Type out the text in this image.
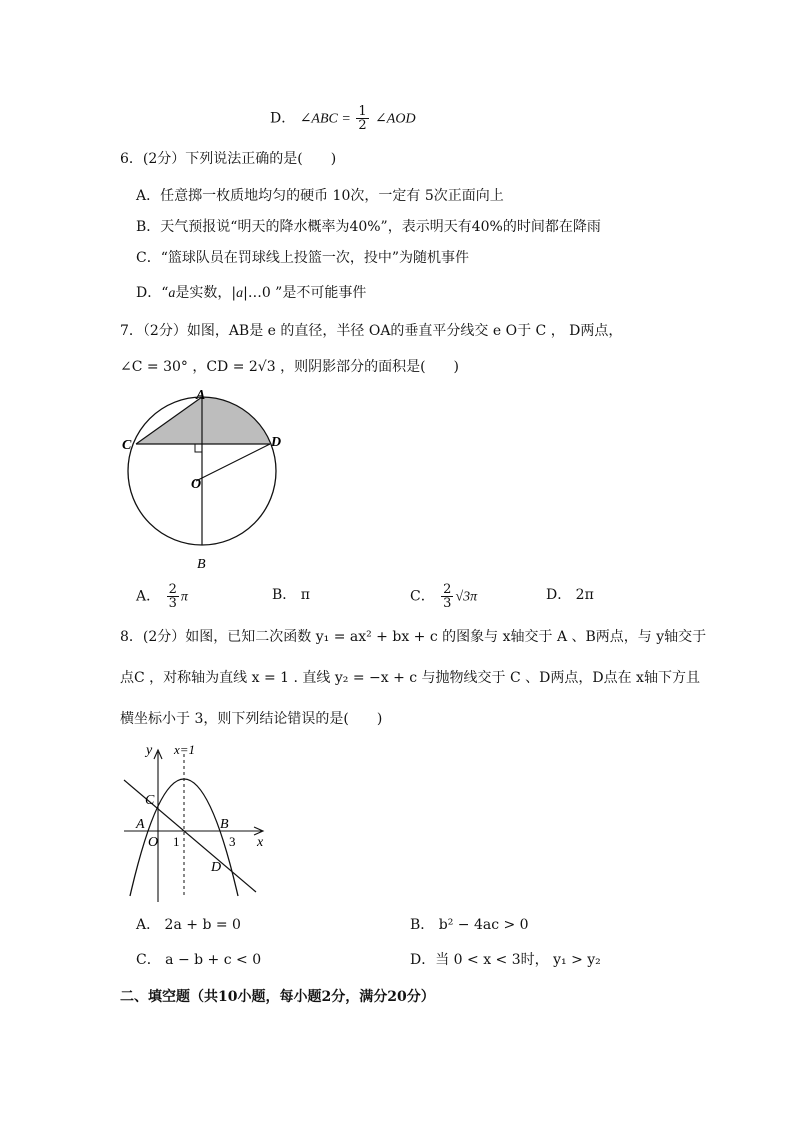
D． ∠ABC = $\frac{1}{2}$ ∠AOD
6．(2分）下列说法正确的是(　　)
A．任意掷一枚质地均匀的硬币 10次，一定有 5次正面向上
B．天气预报说“明天的降水概率为40%”，表示明天有40%的时间都在降雨
C．“篮球队员在罚球线上投篮一次，投中”为随机事件
D．“a是实数，|a|…0 ”是不可能事件
7．（2分）如图，AB是 e 的直径，半径 OA的垂直平分线交 e O于 C ， D两点，
∠C = 30° ，CD = 2√3 ，则阴影部分的面积是(　　)
A
C	D
O
B
A． $\frac{2}{3}$ π	B． π	C． $\frac{2}{3} √3\pi$	D． 2π
8．(2分）如图，已知二次函数 y₁ = ax² + bx + c 的图象与 x轴交于 A 、B两点，与 y轴交于
点C ，对称轴为直线 x = 1 . 直线 y₂ = −x + c 与抛物线交于 C 、D两点，D点在 x轴下方且
横坐标小于 3，则下列结论错误的是(　　)
y x=1
C
A	B
O 1	3 x
D
A． 2a + b = 0	B． b² − 4ac > 0
C． a − b + c < 0	D．当 0 < x < 3时， y₁ > y₂
二、填空题（共10小题，每小题2分，满分20分）
